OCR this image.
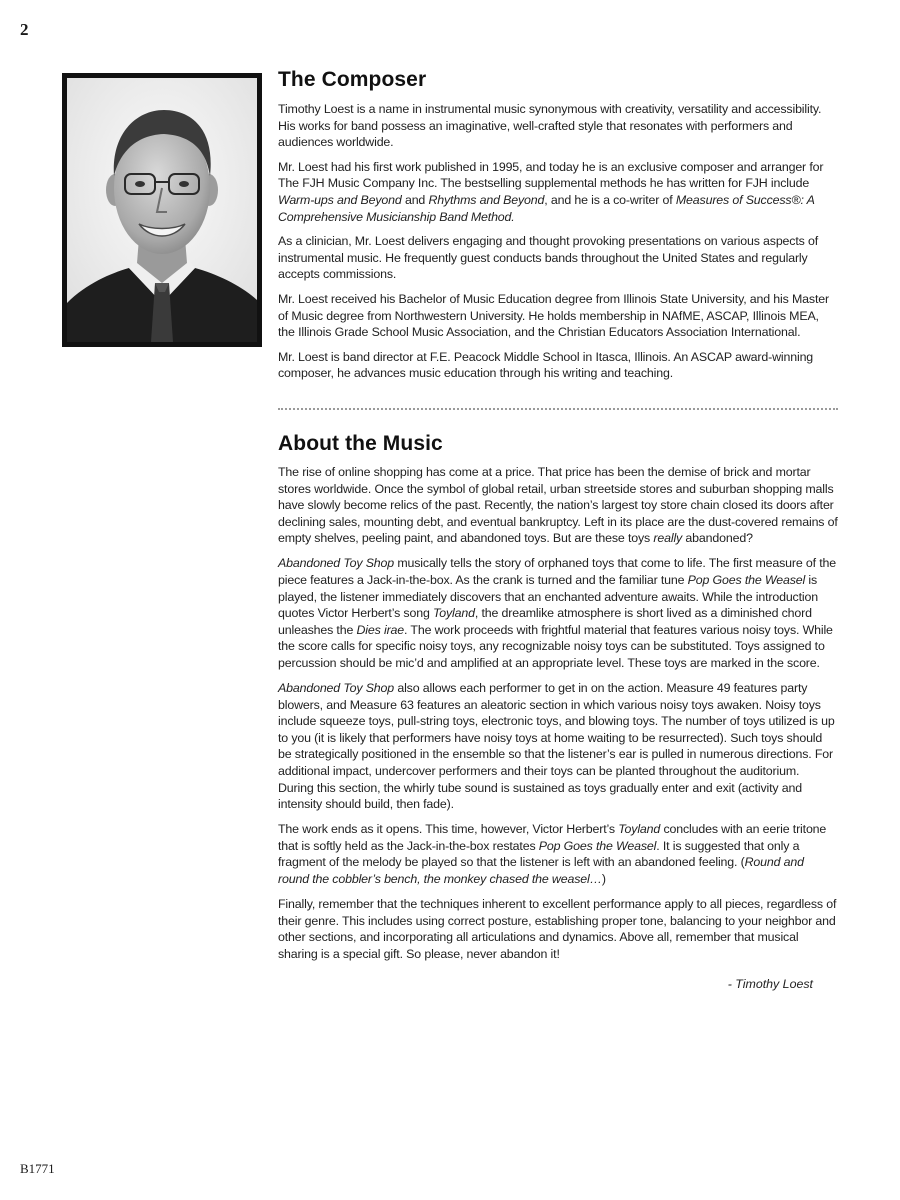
2
The Composer

Timothy Loest is a name in instrumental music synonymous with creativity, versatility and accessibility. His works for band possess an imaginative, well-crafted style that resonates with performers and audiences worldwide.

Mr. Loest had his first work published in 1995, and today he is an exclusive composer and arranger for The FJH Music Company Inc. The bestselling supplemental methods he has written for FJH include Warm-ups and Beyond and Rhythms and Beyond, and he is a co-writer of Measures of Success®: A Comprehensive Musicianship Band Method.

As a clinician, Mr. Loest delivers engaging and thought provoking presentations on various aspects of instrumental music. He frequently guest conducts bands throughout the United States and regularly accepts commissions.

Mr. Loest received his Bachelor of Music Education degree from Illinois State University, and his Master of Music degree from Northwestern University. He holds membership in NAfME, ASCAP, Illinois MEA, the Illinois Grade School Music Association, and the Christian Educators Association International.

Mr. Loest is band director at F.E. Peacock Middle School in Itasca, Illinois. An ASCAP award-winning composer, he advances music education through his writing and teaching.

About the Music

The rise of online shopping has come at a price. That price has been the demise of brick and mortar stores worldwide. Once the symbol of global retail, urban streetside stores and suburban shopping malls have slowly become relics of the past. Recently, the nation’s largest toy store chain closed its doors after declining sales, mounting debt, and eventual bankruptcy. Left in its place are the dust-covered remains of empty shelves, peeling paint, and abandoned toys. But are these toys really abandoned?

Abandoned Toy Shop musically tells the story of orphaned toys that come to life. The first measure of the piece features a Jack-in-the-box. As the crank is turned and the familiar tune Pop Goes the Weasel is played, the listener immediately discovers that an enchanted adventure awaits. While the introduction quotes Victor Herbert’s song Toyland, the dreamlike atmosphere is short lived as a diminished chord unleashes the Dies irae. The work proceeds with frightful material that features various noisy toys. While the score calls for specific noisy toys, any recognizable noisy toys can be substituted. Toys assigned to percussion should be mic’d and amplified at an appropriate level. These toys are marked in the score.

Abandoned Toy Shop also allows each performer to get in on the action. Measure 49 features party blowers, and Measure 63 features an aleatoric section in which various noisy toys awaken. Noisy toys include squeeze toys, pull-string toys, electronic toys, and blowing toys. The number of toys utilized is up to you (it is likely that performers have noisy toys at home waiting to be resurrected). Such toys should be strategically positioned in the ensemble so that the listener’s ear is pulled in numerous directions. For additional impact, undercover performers and their toys can be planted throughout the auditorium. During this section, the whirly tube sound is sustained as toys gradually enter and exit (activity and intensity should build, then fade).

The work ends as it opens. This time, however, Victor Herbert’s Toyland concludes with an eerie tritone that is softly held as the Jack-in-the-box restates Pop Goes the Weasel. It is suggested that only a fragment of the melody be played so that the listener is left with an abandoned feeling. (Round and round the cobbler’s bench, the monkey chased the weasel…)

Finally, remember that the techniques inherent to excellent performance apply to all pieces, regardless of their genre. This includes using correct posture, establishing proper tone, balancing to your neighbor and other sections, and incorporating all articulations and dynamics. Above all, remember that musical sharing is a special gift. So please, never abandon it!

- Timothy Loest
B1771
